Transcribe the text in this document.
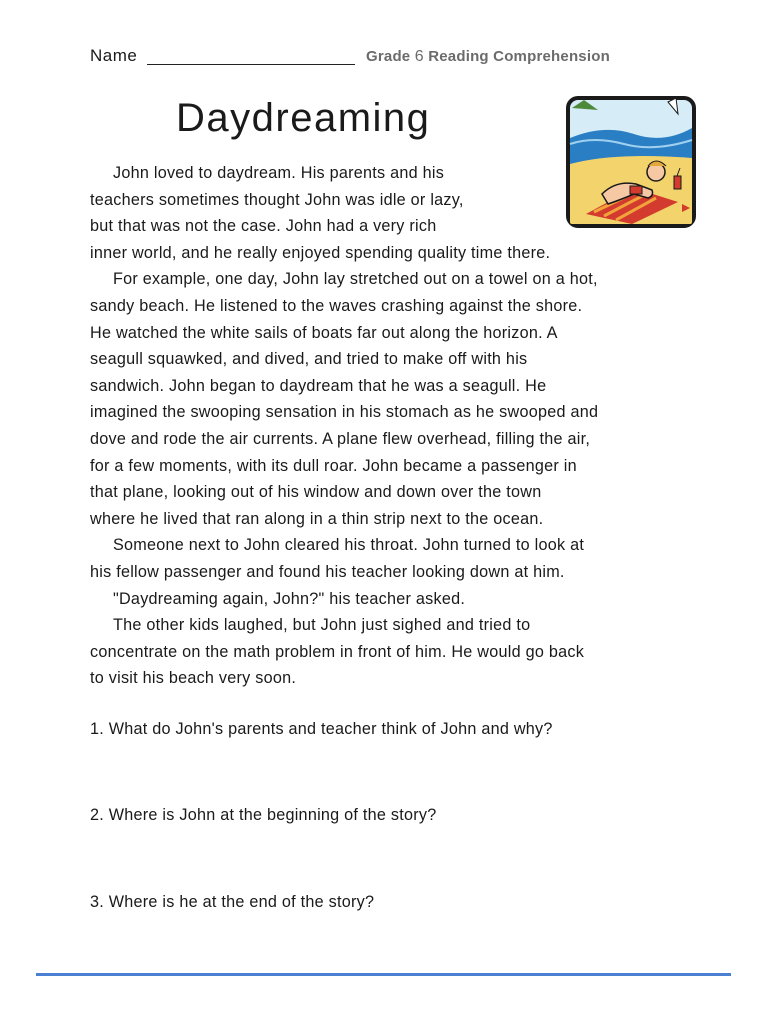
Name	Grade 6 Reading Comprehension
Daydreaming
John loved to daydream. His parents and his
teachers sometimes thought John was idle or lazy,
but that was not the case. John had a very rich
inner world, and he really enjoyed spending quality time there.
For example, one day, John lay stretched out on a towel on a hot,
sandy beach. He listened to the waves crashing against the shore.
He watched the white sails of boats far out along the horizon. A
seagull squawked, and dived, and tried to make off with his
sandwich. John began to daydream that he was a seagull. He
imagined the swooping sensation in his stomach as he swooped and
dove and rode the air currents. A plane flew overhead, filling the air,
for a few moments, with its dull roar. John became a passenger in
that plane, looking out of his window and down over the town
where he lived that ran along in a thin strip next to the ocean.
Someone next to John cleared his throat. John turned to look at
his fellow passenger and found his teacher looking down at him.
"Daydreaming again, John?" his teacher asked.
The other kids laughed, but John just sighed and tried to
concentrate on the math problem in front of him. He would go back
to visit his beach very soon.
1. What do John's parents and teacher think of John and why?
2. Where is John at the beginning of the story?
3. Where is he at the end of the story?
